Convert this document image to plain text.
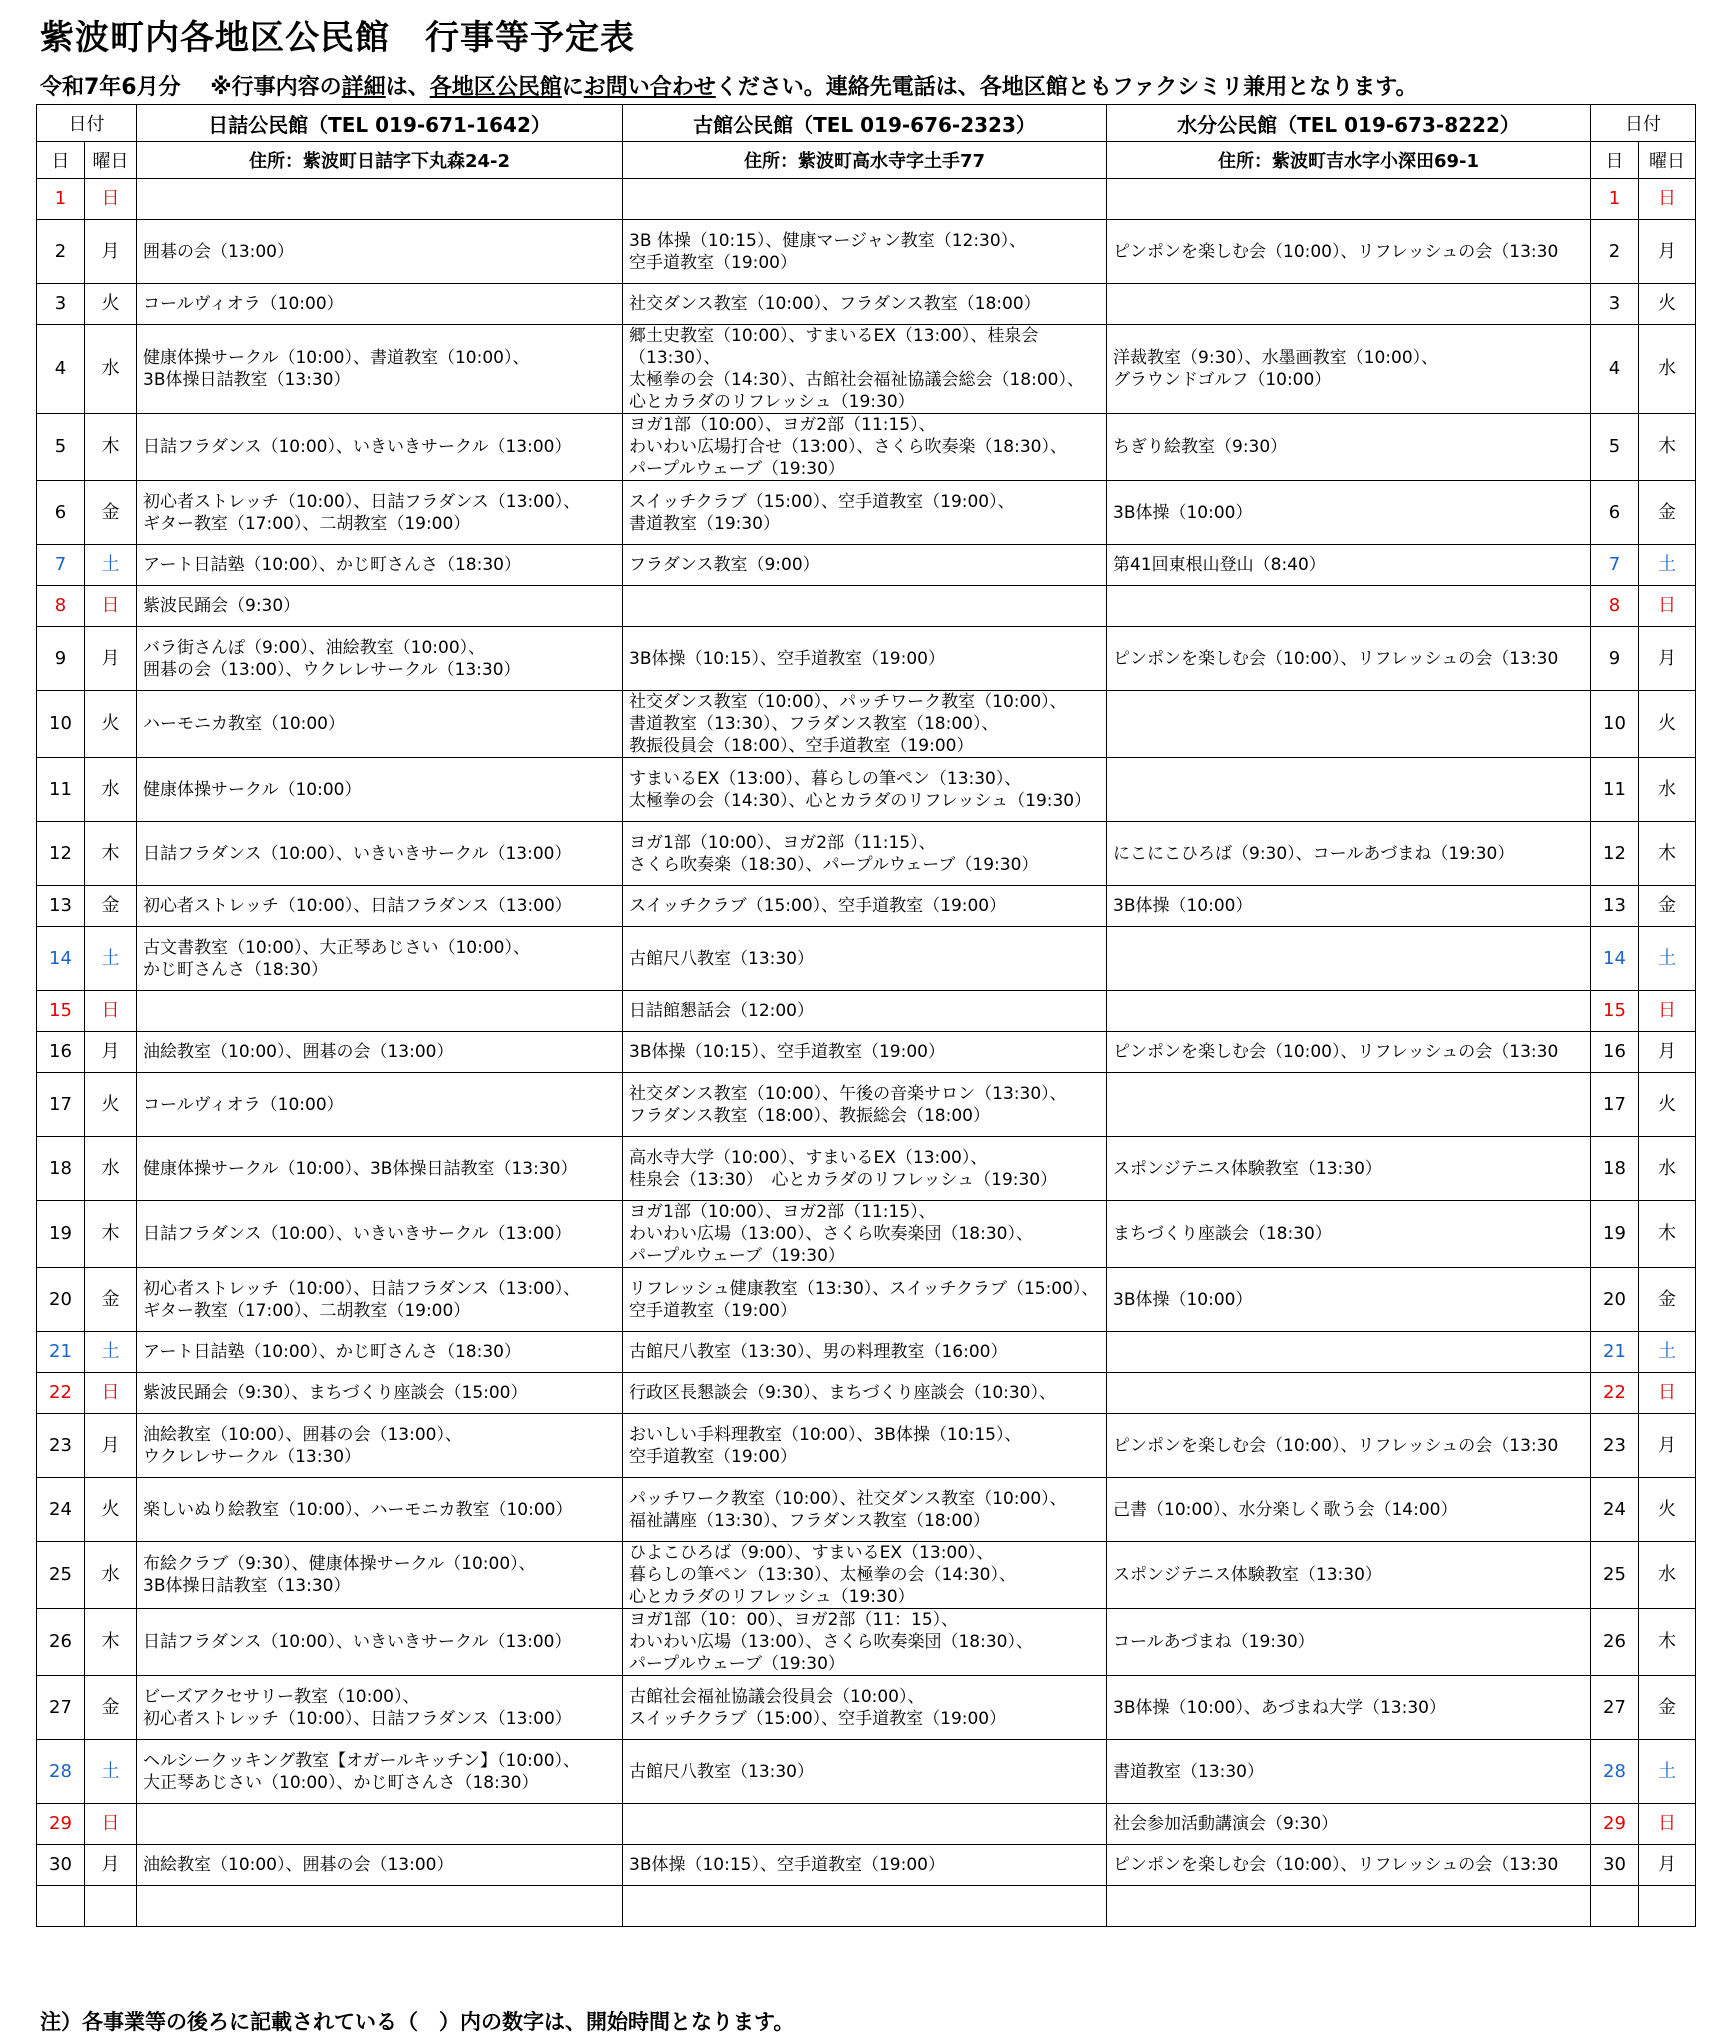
紫波町内各地区公民館　行事等予定表
令和7年6月分　 ※行事内容の詳細は、各地区公民館にお問い合わせください。連絡先電話は、各地区館ともファクシミリ兼用となります。
日付		日詰公民館（TEL 019-671-1642）	古館公民館（TEL 019-676-2323）	水分公民館（TEL 019-673-8222）	日付	
日	曜日	住所：紫波町日詰字下丸森24-2	住所：紫波町高水寺字土手77	住所：紫波町吉水字小深田69-1	日	曜日
1	日				1	日
2	月	囲碁の会（13:00）	3B 体操（10:15）、健康マージャン教室（12:30）、
空手道教室（19:00）	ピンポンを楽しむ会（10:00）、リフレッシュの会（13:30	2	月
3	火	コールヴィオラ（10:00）	社交ダンス教室（10:00）、フラダンス教室（18:00）		3	火
4	水	健康体操サークル（10:00）、書道教室（10:00）、
3B体操日詰教室（13:30）	郷土史教室（10:00）、すまいるEX（13:00）、桂泉会（13:30）、
太極拳の会（14:30）、古館社会福祉協議会総会（18:00）、
心とカラダのリフレッシュ（19:30）	洋裁教室（9:30）、水墨画教室（10:00）、
グラウンドゴルフ（10:00）	4	水
5	木	日詰フラダンス（10:00）、いきいきサークル（13:00）	ヨガ1部（10:00）、ヨガ2部（11:15）、
わいわい広場打合せ（13:00）、さくら吹奏楽（18:30）、
パープルウェーブ（19:30）	ちぎり絵教室（9:30）	5	木
6	金	初心者ストレッチ（10:00）、日詰フラダンス（13:00）、
ギター教室（17:00）、二胡教室（19:00）	スイッチクラブ（15:00）、空手道教室（19:00）、
書道教室（19:30）	3B体操（10:00）	6	金
7	土	アート日詰塾（10:00）、かじ町さんさ（18:30）	フラダンス教室（9:00）	第41回東根山登山（8:40）	7	土
8	日	紫波民踊会（9:30）			8	日
9	月	バラ街さんぽ（9:00）、油絵教室（10:00）、
囲碁の会（13:00）、ウクレレサークル（13:30）	3B体操（10:15）、空手道教室（19:00）	ピンポンを楽しむ会（10:00）、リフレッシュの会（13:30	9	月
10	火	ハーモニカ教室（10:00）	社交ダンス教室（10:00）、パッチワーク教室（10:00）、
書道教室（13:30）、フラダンス教室（18:00）、
教振役員会（18:00）、空手道教室（19:00）		10	火
11	水	健康体操サークル（10:00）	すまいるEX（13:00）、暮らしの筆ペン（13:30）、
太極拳の会（14:30）、心とカラダのリフレッシュ（19:30）		11	水
12	木	日詰フラダンス（10:00）、いきいきサークル（13:00）	ヨガ1部（10:00）、ヨガ2部（11:15）、
さくら吹奏楽（18:30）、パープルウェーブ（19:30）	にこにこひろば（9:30）、コールあづまね（19:30）	12	木
13	金	初心者ストレッチ（10:00）、日詰フラダンス（13:00）	スイッチクラブ（15:00）、空手道教室（19:00）	3B体操（10:00）	13	金
14	土	古文書教室（10:00）、大正琴あじさい（10:00）、
かじ町さんさ（18:30）	古館尺八教室（13:30）		14	土
15	日		日詰館懇話会（12:00）		15	日
16	月	油絵教室（10:00）、囲碁の会（13:00）	3B体操（10:15）、空手道教室（19:00）	ピンポンを楽しむ会（10:00）、リフレッシュの会（13:30	16	月
17	火	コールヴィオラ（10:00）	社交ダンス教室（10:00）、午後の音楽サロン（13:30）、
フラダンス教室（18:00）、教振総会（18:00）		17	火
18	水	健康体操サークル（10:00）、3B体操日詰教室（13:30）	高水寺大学（10:00）、すまいるEX（13:00）、
桂泉会（13:30）　心とカラダのリフレッシュ（19:30）	スポンジテニス体験教室（13:30）	18	水
19	木	日詰フラダンス（10:00）、いきいきサークル（13:00）	ヨガ1部（10:00）、ヨガ2部（11:15）、
わいわい広場（13:00）、さくら吹奏楽団（18:30）、
パープルウェーブ（19:30）	まちづくり座談会（18:30）	19	木
20	金	初心者ストレッチ（10:00）、日詰フラダンス（13:00）、
ギター教室（17:00）、二胡教室（19:00）	リフレッシュ健康教室（13:30）、スイッチクラブ（15:00）、
空手道教室（19:00）	3B体操（10:00）	20	金
21	土	アート日詰塾（10:00）、かじ町さんさ（18:30）	古館尺八教室（13:30）、男の料理教室（16:00）		21	土
22	日	紫波民踊会（9:30）、まちづくり座談会（15:00）	行政区長懇談会（9:30）、まちづくり座談会（10:30）、		22	日
23	月	油絵教室（10:00）、囲碁の会（13:00）、
ウクレレサークル（13:30）	おいしい手料理教室（10:00）、3B体操（10:15）、
空手道教室（19:00）	ピンポンを楽しむ会（10:00）、リフレッシュの会（13:30	23	月
24	火	楽しいぬり絵教室（10:00）、ハーモニカ教室（10:00）	パッチワーク教室（10:00）、社交ダンス教室（10:00）、
福祉講座（13:30）、フラダンス教室（18:00）	己書（10:00）、水分楽しく歌う会（14:00）	24	火
25	水	布絵クラブ（9:30）、健康体操サークル（10:00）、
3B体操日詰教室（13:30）	ひよこひろば（9:00）、すまいるEX（13:00）、
暮らしの筆ペン（13:30）、太極拳の会（14:30）、
心とカラダのリフレッシュ（19:30）	スポンジテニス体験教室（13:30）	25	水
26	木	日詰フラダンス（10:00）、いきいきサークル（13:00）	ヨガ1部（10：00）、ヨガ2部（11：15）、
わいわい広場（13:00）、さくら吹奏楽団（18:30）、
パープルウェーブ（19:30）	コールあづまね（19:30）	26	木
27	金	ビーズアクセサリー教室（10:00）、
初心者ストレッチ（10:00）、日詰フラダンス（13:00）	古館社会福祉協議会役員会（10:00）、
スイッチクラブ（15:00）、空手道教室（19:00）	3B体操（10:00）、あづまね大学（13:30）	27	金
28	土	ヘルシークッキング教室【オガールキッチン】（10:00）、
大正琴あじさい（10:00）、かじ町さんさ（18:30）	古館尺八教室（13:30）	書道教室（13:30）	28	土
29	日			社会参加活動講演会（9:30）	29	日
30	月	油絵教室（10:00）、囲碁の会（13:00）	3B体操（10:15）、空手道教室（19:00）	ピンポンを楽しむ会（10:00）、リフレッシュの会（13:30	30	月

注）各事業等の後ろに記載されている（　）内の数字は、開始時間となります。
